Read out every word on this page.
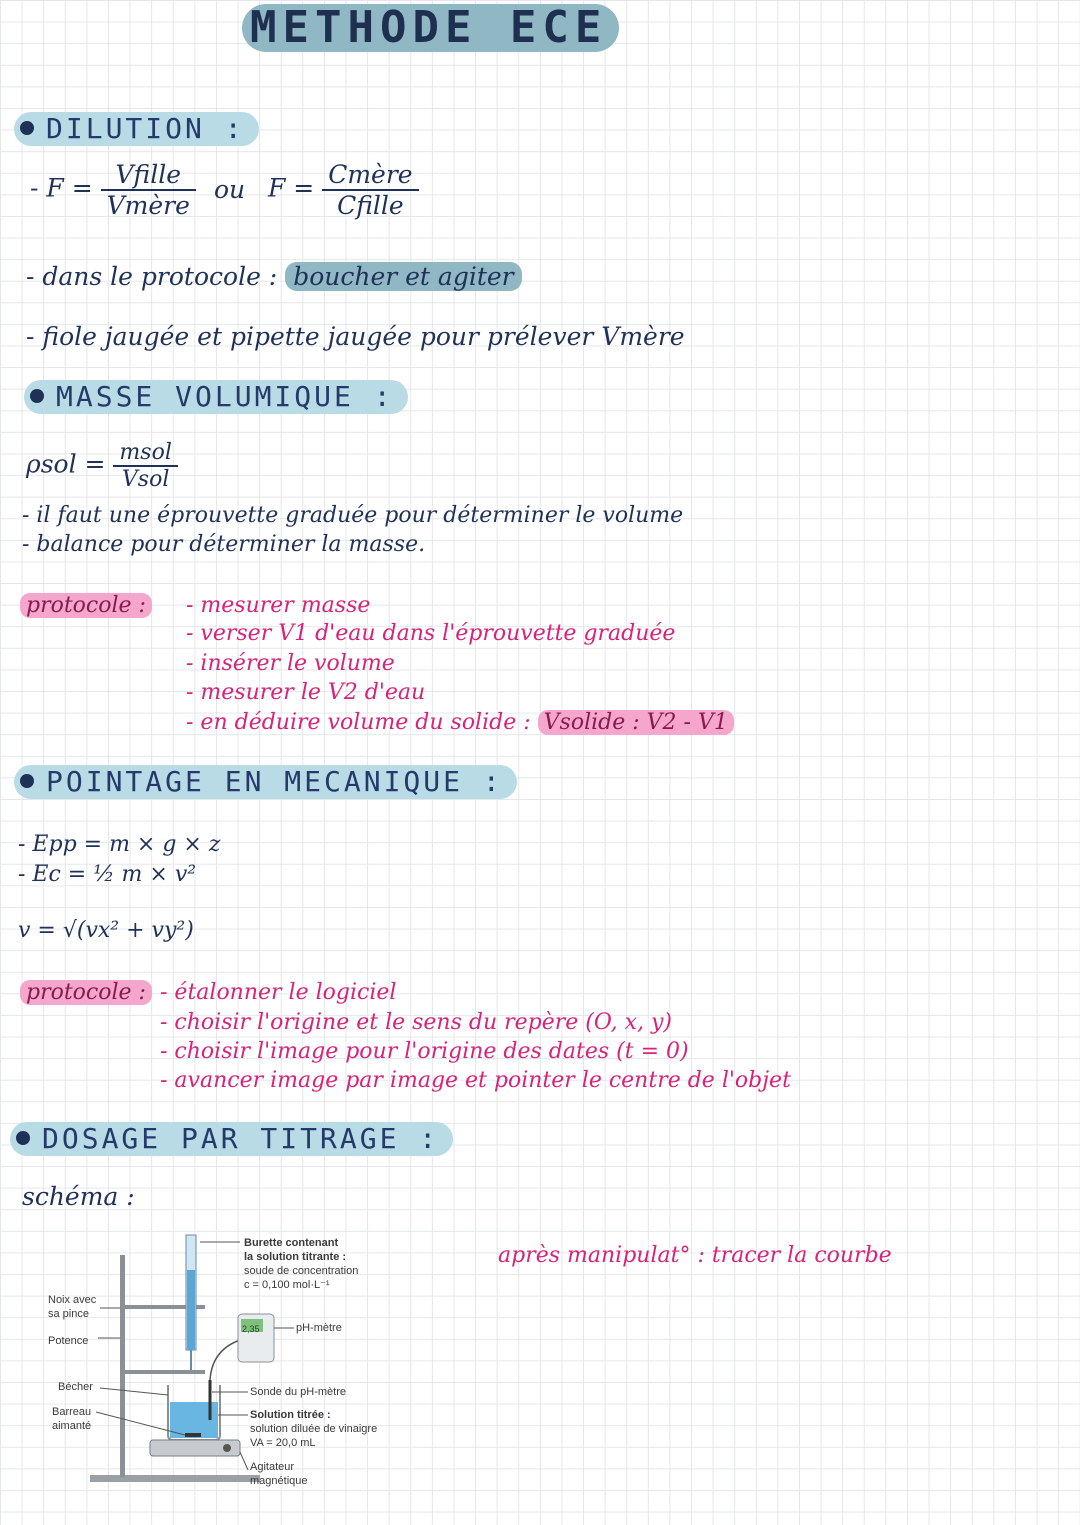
METHODE ECE
DILUTION :
- $F = \frac{\text{Vfille}}{\text{Vmère}}$ ou $F = \frac{\text{Cmère}}{\text{Cfille}}$
- dans le protocole : boucher et agiter
- fiole jaugée et pipette jaugée pour prélever Vmère
MASSE VOLUMIQUE :
$\rho sol = \frac{\text{msol}}{\text{Vsol}}$
- il faut une éprouvette graduée pour déterminer le volume
- balance pour déterminer la masse.
protocole : - mesurer masse
- verser V1 d'eau dans l'éprouvette graduée
- insérer le volume
- mesurer le V2 d'eau
- en déduire volume du solide : Vsolide : V2 - V1
POINTAGE EN MECANIQUE :
- Epp = m × g × z
- Ec = ½ m × v²
v = √(vx² + vy²)
protocole : - étalonner le logiciel
- choisir l'origine et le sens du repère (O, x, y)
- choisir l'image pour l'origine des dates (t = 0)
- avancer image par image et pointer le centre de l'objet
DOSAGE PAR TITRAGE :
schéma :
après manipulat° : tracer la courbe
Burette contenant
la solution titrante :
soude de concentration
c = 0,100 mol·L⁻¹
2,35	pH-mètre
Noix avec
sa pince
Potence
Bécher
Barreau
aimanté
Sonde du pH-mètre
Solution titrée :
solution diluée de vinaigre
VA = 20,0 mL
Agitateur
magnétique
